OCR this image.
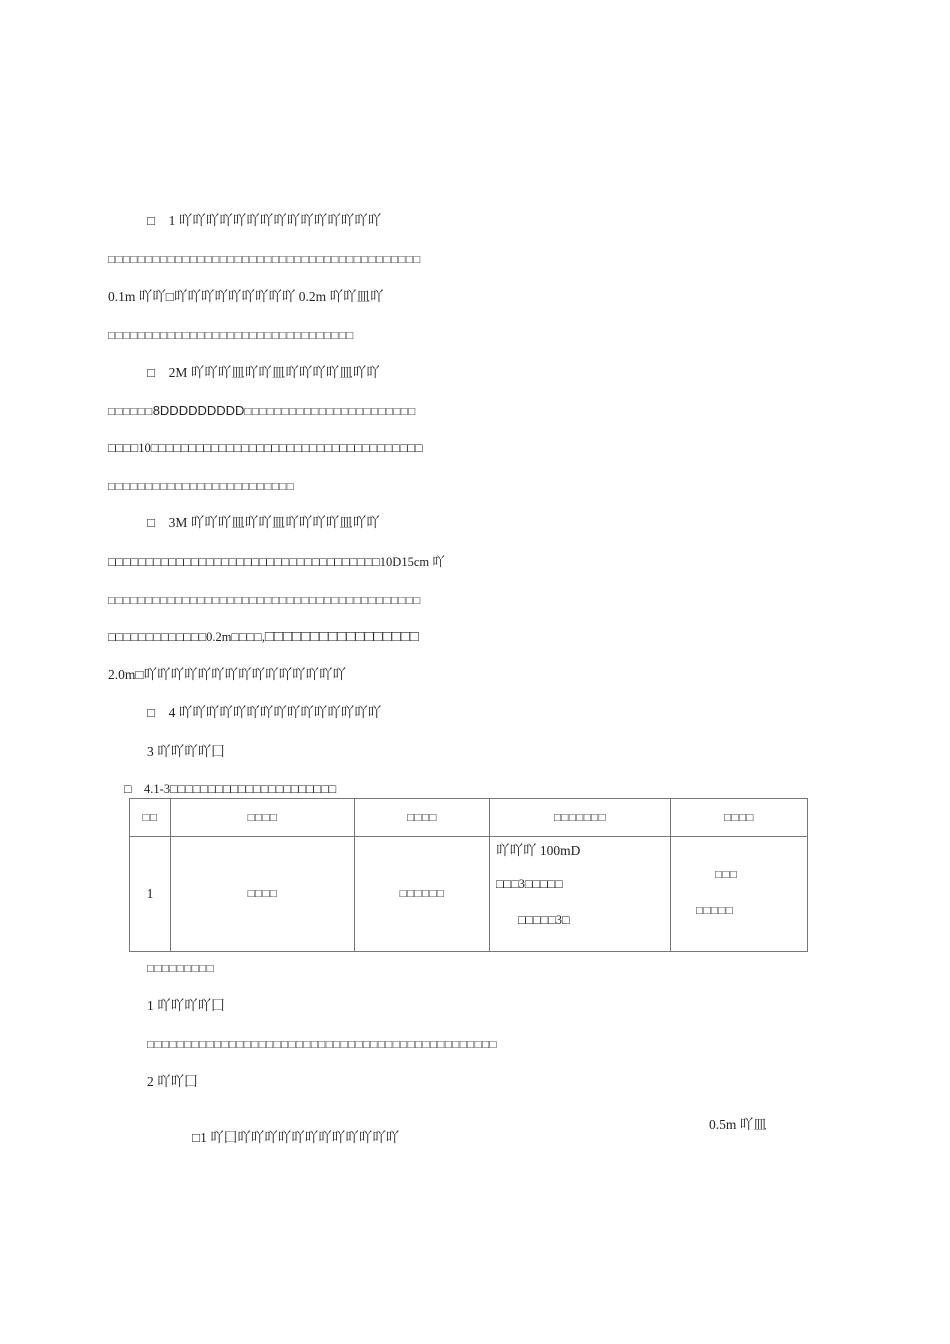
□　1 吖吖吖吖吖吖吖吖吖吖吖吖吖吖吖
□□□□□□□□□□□□□□□□□□□□□□□□□□□□□□□□□□□□□□□□□□
0.1m 吖吖□吖吖吖吖吖吖吖吖吖 0.2m 吖吖皿吖
□□□□□□□□□□□□□□□□□□□□□□□□□□□□□□□□□
□　2M 吖吖吖皿吖吖皿吖吖吖吖皿吖吖
□□□□□□8DDDDDDDDD□□□□□□□□□□□□□□□□□□□□□□□
□□□□10□□□□□□□□□□□□□□□□□□□□□□□□□□□□□□□□□□□□
□□□□□□□□□□□□□□□□□□□□□□□□□
□　3M 吖吖吖皿吖吖皿吖吖吖吖皿吖吖
□□□□□□□□□□□□□□□□□□□□□□□□□□□□□□□□□□□□10D15cm 吖
□□□□□□□□□□□□□□□□□□□□□□□□□□□□□□□□□□□□□□□□□□
□□□□□□□□□□□□□0.2m□□□□,□□□□□□□□□□□□□□□□□
2.0m□吖吖吖吖吖吖吖吖吖吖吖吖吖吖吖
□　4 吖吖吖吖吖吖吖吖吖吖吖吖吖吖吖
3 吖吖吖吖囗
□　4.1-3□□□□□□□□□□□□□□□□□□□□□□
□□	□□□□	□□□□	□□□□□□□	□□□□
1	□□□□	□□□□□□	吖吖吖 100mD
□□□3□□□□□
□□□□□3□	□□□
□□□□□
□□□□□□□□□
1 吖吖吖吖囗
□□□□□□□□□□□□□□□□□□□□□□□□□□□□□□□□□□□□□□□□□□□□□□□
2 吖吖囗
0.5m 吖皿
□1 吖囗吖吖吖吖吖吖吖吖吖吖吖吖
